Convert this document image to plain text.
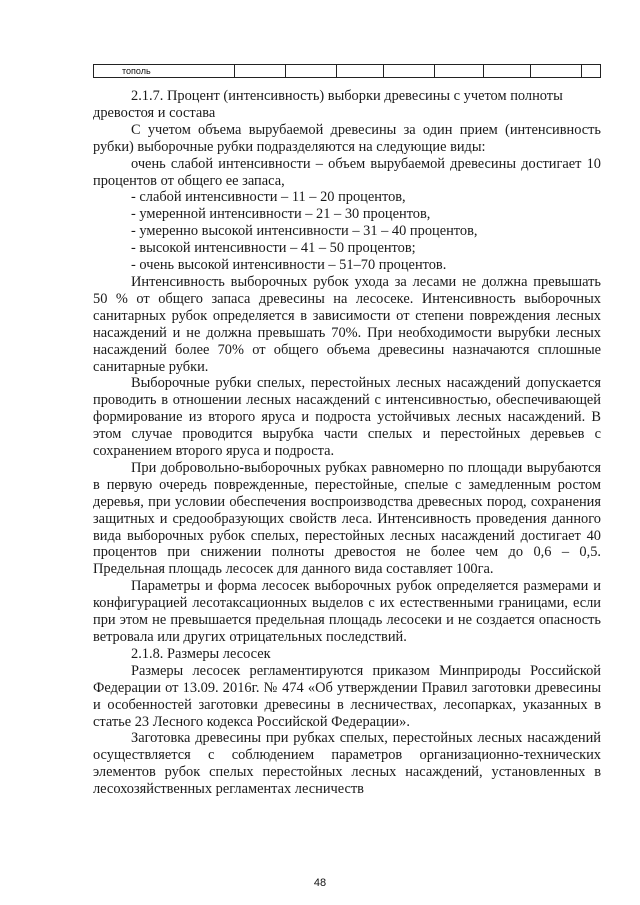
тополь								

2.1.7. Процент (интенсивность) выборки древесины с учетом полноты древостоя и состава

С учетом объема вырубаемой древесины за один прием (интенсивность рубки) выборочные рубки подразделяются на следующие виды:

очень слабой интенсивности – объем вырубаемой древесины достигает 10 процентов от общего ее запаса,

- слабой интенсивности – 11 – 20 процентов,

- умеренной интенсивности – 21 – 30 процентов,

- умеренно высокой интенсивности – 31 – 40 процентов,

- высокой интенсивности – 41 – 50 процентов;

- очень высокой интенсивности – 51–70 процентов.

Интенсивность выборочных рубок ухода за лесами не должна превышать 50 % от общего запаса древесины на лесосеке. Интенсивность выборочных санитарных рубок определяется в зависимости от степени повреждения лесных насаждений и не должна превышать 70%. При необходимости вырубки лесных насаждений более 70% от общего объема древесины назначаются сплошные санитарные рубки.

Выборочные рубки спелых, перестойных лесных насаждений допускается проводить в отношении лесных насаждений с интенсивностью, обеспечивающей формирование из второго яруса и подроста устойчивых лесных насаждений. В этом случае проводится вырубка части спелых и перестойных деревьев с сохранением второго яруса и подроста.

При добровольно-выборочных рубках равномерно по площади вырубаются в первую очередь поврежденные, перестойные, спелые с замедленным ростом деревья, при условии обеспечения воспроизводства древесных пород, сохранения защитных и средообразующих свойств леса. Интенсивность проведения данного вида выборочных рубок спелых, перестойных лесных насаждений достигает 40 процентов при снижении полноты древостоя не более чем до 0,6 – 0,5. Предельная площадь лесосек для данного вида составляет 100га.

Параметры и форма лесосек выборочных рубок определяется размерами и конфигурацией лесотаксационных выделов с их естественными границами, если при этом не превышается предельная площадь лесосеки и не создается опасность ветровала или других отрицательных последствий.

2.1.8. Размеры лесосек

Размеры лесосек регламентируются приказом Минприроды Российской Федерации от 13.09. 2016г. № 474 «Об утверждении Правил заготовки древесины и особенностей заготовки древесины в лесничествах, лесопарках, указанных в статье 23 Лесного кодекса Российской Федерации».

Заготовка древесины при рубках спелых, перестойных лесных насаждений осуществляется с соблюдением параметров организационно-технических элементов рубок спелых перестойных лесных насаждений, установленных в лесохозяйственных регламентах лесничеств

48
